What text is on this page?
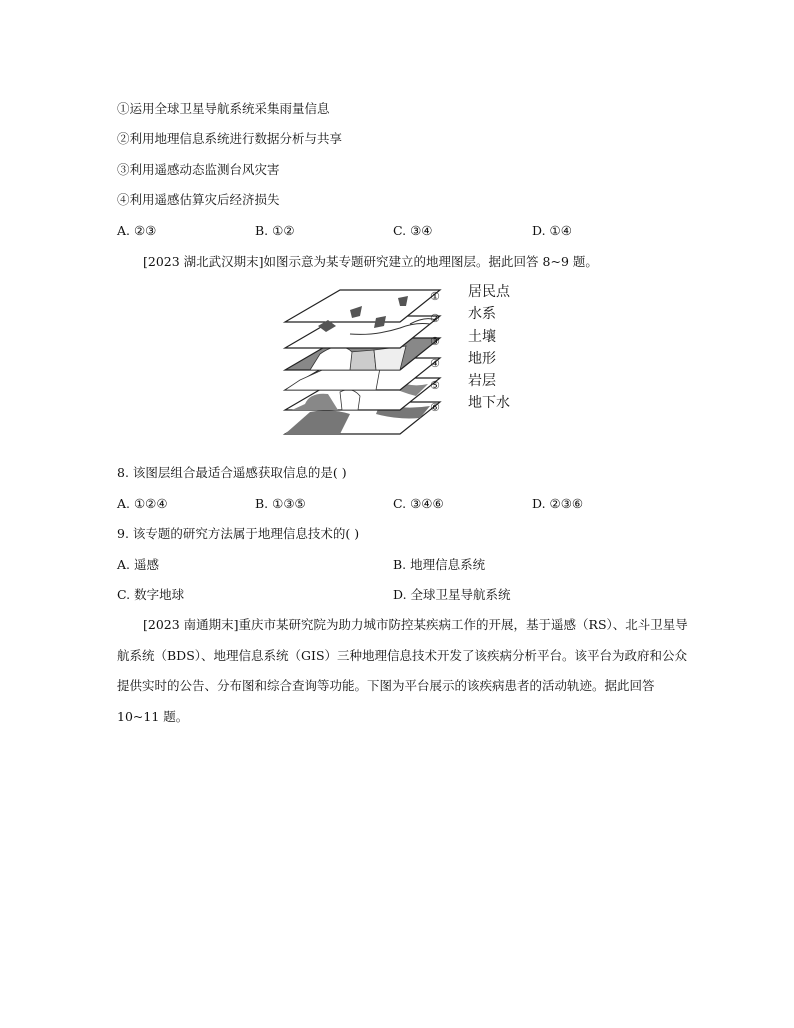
①运用全球卫星导航系统采集雨量信息
②利用地理信息系统进行数据分析与共享
③利用遥感动态监测台风灾害
④利用遥感估算灾后经济损失
A. ②③	B. ①②	C. ③④	D. ①④
[2023 湖北武汉期末]如图示意为某专题研究建立的地理图层。据此回答 8~9 题。
① 居民点
② 水系
③ 土壤
④ 地形
⑤ 岩层
⑥ 地下水
8. 该图层组合最适合遥感获取信息的是( )
A. ①②④	B. ①③⑤	C. ③④⑥	D. ②③⑥
9. 该专题的研究方法属于地理信息技术的( )
A. 遥感	B. 地理信息系统
C. 数字地球	D. 全球卫星导航系统
[2023 南通期末]重庆市某研究院为助力城市防控某疾病工作的开展，基于遥感（RS）、北斗卫星导航系统（BDS）、地理信息系统（GIS）三种地理信息技术开发了该疾病分析平台。该平台为政府和公众提供实时的公告、分布图和综合查询等功能。下图为平台展示的该疾病患者的活动轨迹。据此回答 10~11 题。
